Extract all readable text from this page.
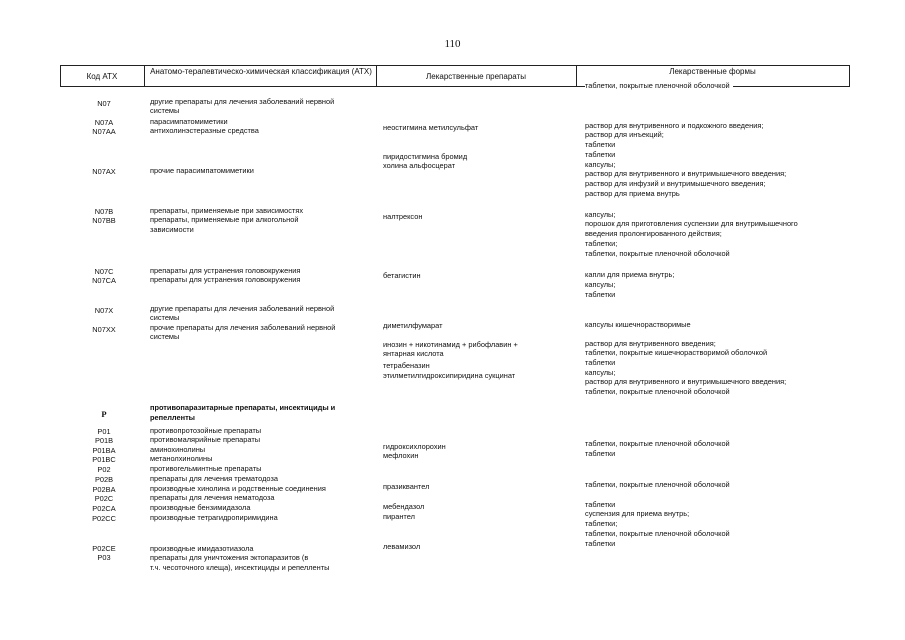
110
Код АТХ
Анатомо-терапевтическо-химическая классификация (АТХ)
Лекарственные препараты
Лекарственные формы
N07
N07A
N07AA
N07AX
N07B
N07BB
N07C
N07CA
N07X
N07XX
P
P01
P01B
P01BA
P01BC
P02
P02B
P02BA
P02C
P02CA
P02CC
P02CE
P03
другие препараты для лечения заболеваний нервной
системы
парасимпатомиметики
антихолинэстеразные средства
прочие парасимпатомиметики
препараты, применяемые при зависимостях
препараты, применяемые при алкогольной
зависимости
препараты для устранения головокружения
препараты для устранения головокружения
другие препараты для лечения заболеваний нервной
системы
прочие препараты для лечения заболеваний нервной
системы
противопаразитарные препараты, инсектициды и
репелленты
противопротозойные препараты
противомалярийные препараты
аминохинолины
метанолхинолины
противогельминтные препараты
препараты для лечения трематодоза
производные хинолина и родственные соединения
препараты для лечения нематодоза
производные бензимидазола
производные тетрагидропиримидина
производные имидазотиазола
препараты для уничтожения эктопаразитов (в
т.ч. чесоточного клеща), инсектициды и репелленты
неостигмина метилсульфат
пиридостигмина бромид
холина альфосцерат
налтрексон
бетагистин
диметилфумарат
инозин + никотинамид + рибофлавин +
янтарная кислота
тетрабеназин
этилметилгидроксипиридина сукцинат
гидроксихлорохин
мефлохин
празиквантел
мебендазол
пирантел
левамизол
таблетки, покрытые пленочной оболочкой
раствор для внутривенного и подкожного введения;
раствор для инъекций;
таблетки
таблетки
капсулы;
раствор для внутривенного и внутримышечного введения;
раствор для инфузий и внутримышечного введения;
раствор для приема внутрь
капсулы;
порошок для приготовления суспензии для внутримышечного
введения пролонгированного действия;
таблетки;
таблетки, покрытые пленочной оболочкой
капли для приема внутрь;
капсулы;
таблетки
капсулы кишечнорастворимые
раствор для внутривенного введения;
таблетки, покрытые кишечнорастворимой оболочкой
таблетки
капсулы;
раствор для внутривенного и внутримышечного введения;
таблетки, покрытые пленочной оболочкой
таблетки, покрытые пленочной оболочкой
таблетки
таблетки, покрытые пленочной оболочкой
таблетки
суспензия для приема внутрь;
таблетки;
таблетки, покрытые пленочной оболочкой
таблетки
